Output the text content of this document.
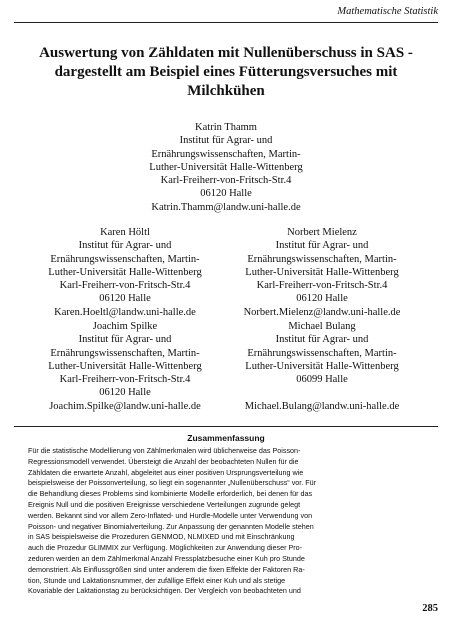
Mathematische Statistik
Auswertung von Zähldaten mit Nullenüberschuss in SAS -
dargestellt am Beispiel eines Fütterungsversuches mit
Milchkühen
Katrin Thamm
Institut für Agrar- und
Ernährungswissenschaften, Martin-
Luther-Universität Halle-Wittenberg
Karl-Freiherr-von-Fritsch-Str.4
06120 Halle
Katrin.Thamm@landw.uni-halle.de
Karen Höltl
Institut für Agrar- und
Ernährungswissenschaften, Martin-
Luther-Universität Halle-Wittenberg
Karl-Freiherr-von-Fritsch-Str.4
06120 Halle
Karen.Hoeltl@landw.uni-halle.de
Norbert Mielenz
Institut für Agrar- und
Ernährungswissenschaften, Martin-
Luther-Universität Halle-Wittenberg
Karl-Freiherr-von-Fritsch-Str.4
06120 Halle
Norbert.Mielenz@landw.uni-halle.de
Joachim Spilke
Institut für Agrar- und
Ernährungswissenschaften, Martin-
Luther-Universität Halle-Wittenberg
Karl-Freiherr-von-Fritsch-Str.4
06120 Halle
Joachim.Spilke@landw.uni-halle.de
Michael Bulang
Institut für Agrar- und
Ernährungswissenschaften, Martin-
Luther-Universität Halle-Wittenberg
06099 Halle

Michael.Bulang@landw.uni-halle.de
Zusammenfassung
Für die statistische Modellierung von Zählmerkmalen wird üblicherweise das Poisson-
Regressionsmodell verwendet. Übersteigt die Anzahl der beobachteten Nullen für die
Zähldaten die erwartete Anzahl, abgeleitet aus einer positiven Ursprungsverteilung wie
beispielsweise der Poissonverteilung, so liegt ein sogenannter „Nullenüberschuss“ vor. Für
die Behandlung dieses Problems sind kombinierte Modelle erforderlich, bei denen für das
Ereignis Null und die positiven Ereignisse verschiedene Verteilungen zugrunde gelegt
werden. Bekannt sind vor allem Zero-Inflated- und Hurdle-Modelle unter Verwendung von
Poisson- und negativer Binomialverteilung. Zur Anpassung der genannten Modelle stehen
in SAS beispielsweise die Prozeduren GENMOD, NLMIXED und mit Einschränkung
auch die Prozedur GLIMMIX zur Verfügung. Möglichkeiten zur Anwendung dieser Pro-
zeduren werden an dem Zählmerkmal Anzahl Fressplatzbesuche einer Kuh pro Stunde
demonstriert. Als Einflussgrößen sind unter anderem die fixen Effekte der Faktoren Ra-
tion, Stunde und Laktationsnummer, der zufällige Effekt einer Kuh und als stetige
Kovariable der Laktationstag zu berücksichtigen. Der Vergleich von beobachteten und
285
